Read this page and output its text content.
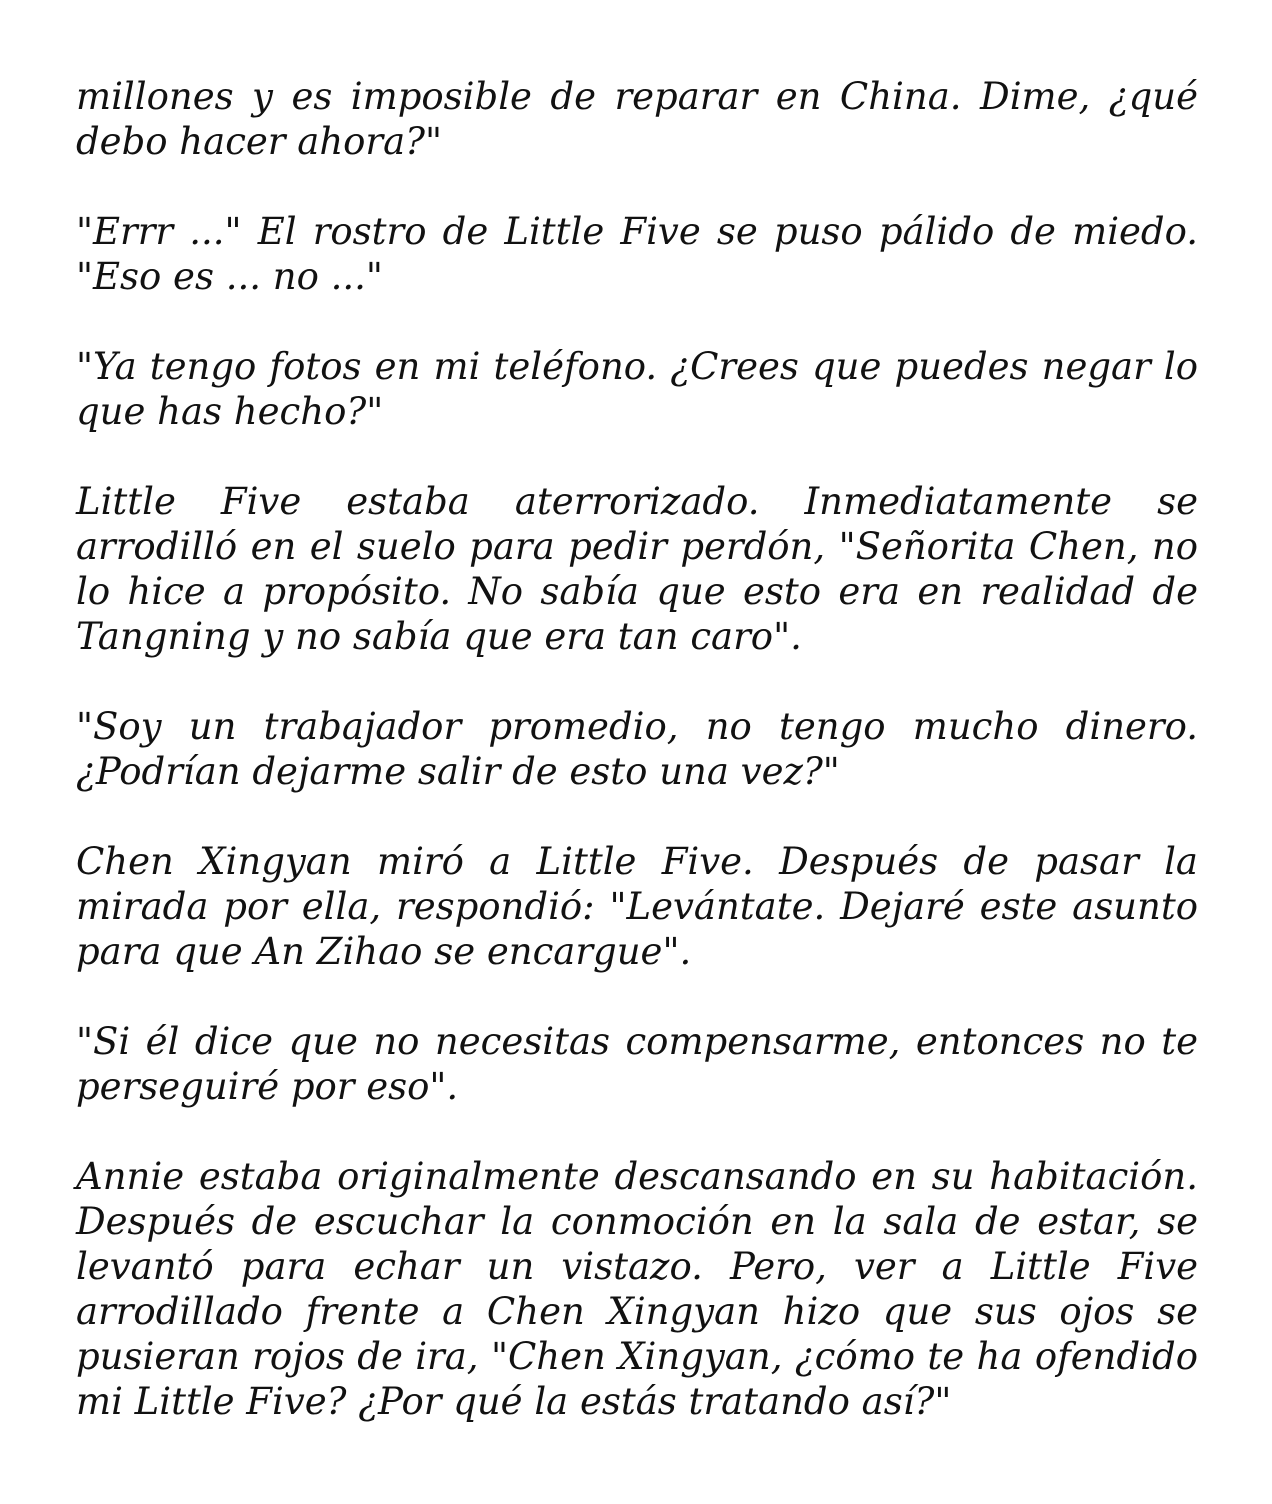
millones y es imposible de reparar en China. Dime, ¿qué debo hacer ahora?"

"Errr ..." El rostro de Little Five se puso pálido de miedo. "Eso es ... no ..."

"Ya tengo fotos en mi teléfono. ¿Crees que puedes negar lo que has hecho?"

Little Five estaba aterrorizado. Inmediatamente se arrodilló en el suelo para pedir perdón, "Señorita Chen, no lo hice a propósito. No sabía que esto era en realidad de Tangning y no sabía que era tan caro".

"Soy un trabajador promedio, no tengo mucho dinero. ¿Podrían dejarme salir de esto una vez?"

Chen Xingyan miró a Little Five. Después de pasar la mirada por ella, respondió: "Levántate. Dejaré este asunto para que An Zihao se encargue".

"Si él dice que no necesitas compensarme, entonces no te perseguiré por eso".

Annie estaba originalmente descansando en su habitación. Después de escuchar la conmoción en la sala de estar, se levantó para echar un vistazo. Pero, ver a Little Five arrodillado frente a Chen Xingyan hizo que sus ojos se pusieran rojos de ira, "Chen Xingyan, ¿cómo te ha ofendido mi Little Five? ¿Por qué la estás tratando así?"
